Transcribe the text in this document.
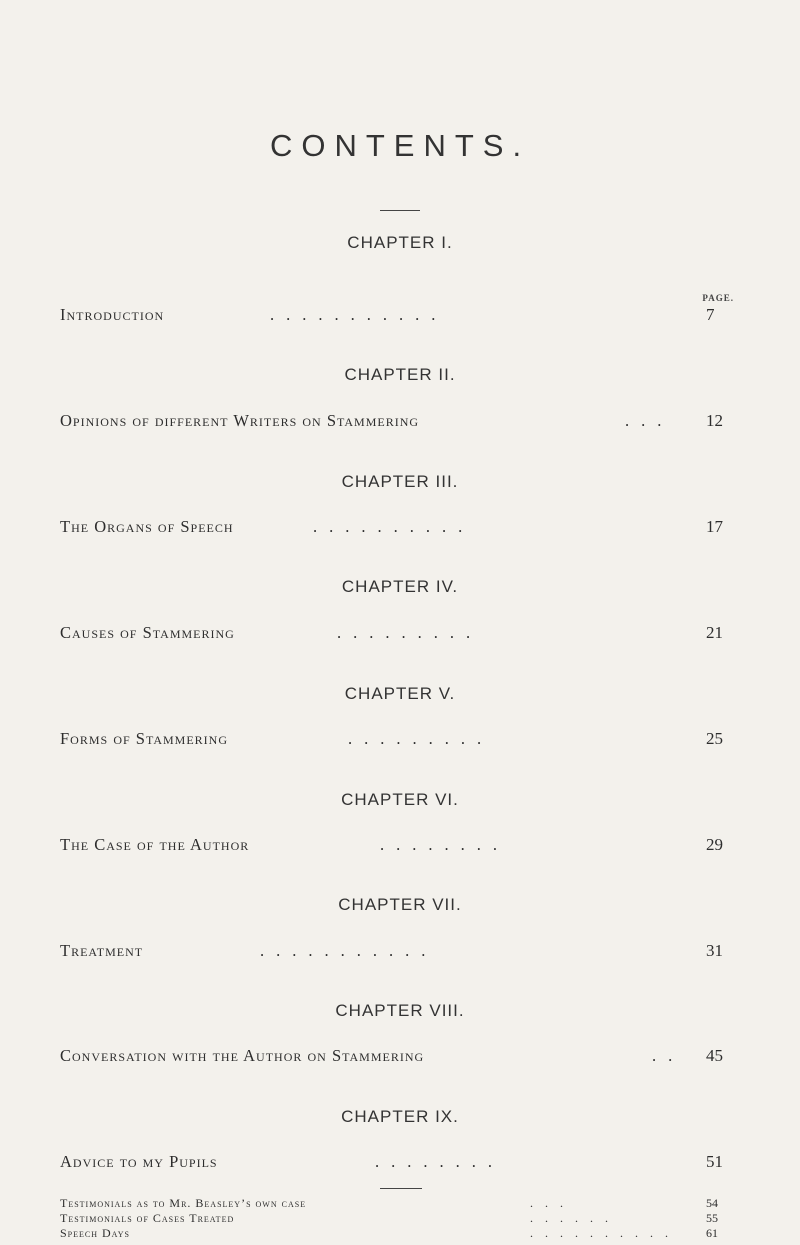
CONTENTS.
PAGE.
CHAPTER I.
Introduction	...........	7
CHAPTER II.
Opinions of different Writers on Stammering	... 12
CHAPTER III.
The Organs of Speech	..........	17
CHAPTER IV.
Causes of Stammering	.........	21
CHAPTER V.
Forms of Stammering	.........	25
CHAPTER VI.
The Case of the Author	........	29
CHAPTER VII.
Treatment	...........	31
CHAPTER VIII.
Conversation with the Author on Stammering	.. 45
CHAPTER IX.
Advice to my Pupils	........	51
Testimonials as to Mr. Beasley’s own case	...	54
Testimonials of Cases Treated	......	55
Speech Days	.......... 61
